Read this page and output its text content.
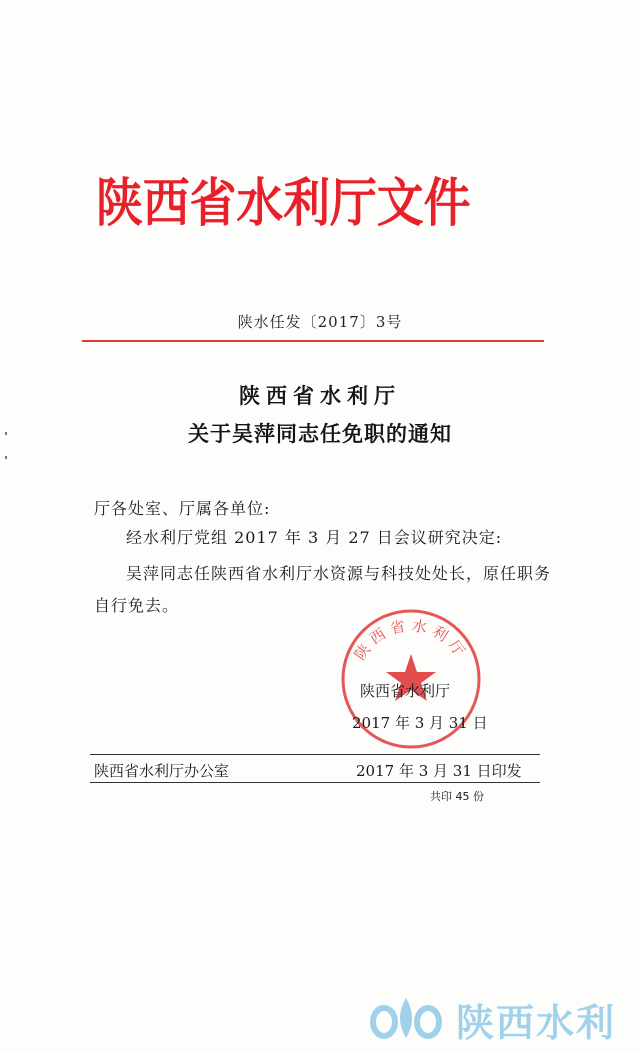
陕西省水利厅文件
陕水任发〔2017〕3号
陕西省水利厅
关于吴萍同志任免职的通知
厅各处室、厅属各单位:
经水利厅党组 2017 年 3 月 27 日会议研究决定:
吴萍同志任陕西省水利厅水资源与科技处处长，原任职务自行免去。
陕西省水利厅
陕西省水利厅
2017 年 3 月 31 日
陕西省水利厅办公室	2017 年 3 月 31 日印发
共印 45 份
陕西水利
